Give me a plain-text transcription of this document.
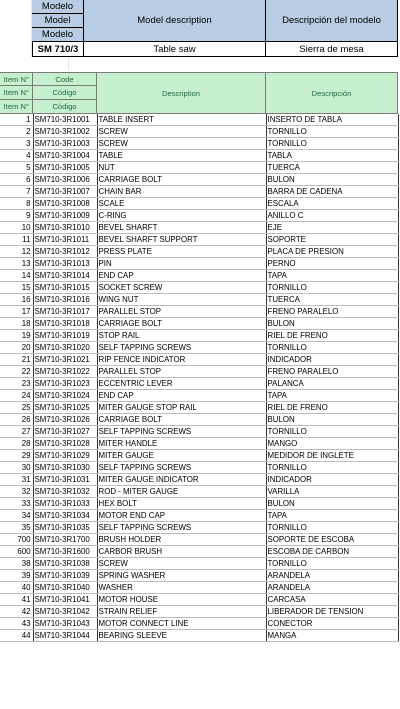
Modelo
Model
Modelo
Model description	Descripción del modelo
SM 710/3	Table saw	Sierra de mesa
Item N°
Item N°
Item N°
Code
Código
Código
Description	Descripción
1	SM710-3R1001	TABLE INSERT	INSERTO DE TABLA
2	SM710-3R1002	SCREW	TORNILLO
3	SM710-3R1003	SCREW	TORNILLO
4	SM710-3R1004	TABLE	TABLA
5	SM710-3R1005	NUT	TUERCA
6	SM710-3R1006	CARRIAGE BOLT	BULON
7	SM710-3R1007	CHAIN BAR	BARRA DE CADENA
8	SM710-3R1008	SCALE	ESCALA
9	SM710-3R1009	C-RING	ANILLO C
10	SM710-3R1010	BEVEL SHARFT	EJE
11	SM710-3R1011	BEVEL SHARFT SUPPORT	SOPORTE
12	SM710-3R1012	PRESS PLATE	PLACA DE PRESION
13	SM710-3R1013	PIN	PERNO
14	SM710-3R1014	END CAP	TAPA
15	SM710-3R1015	SOCKET SCREW	TORNILLO
16	SM710-3R1016	WING NUT	TUERCA
17	SM710-3R1017	PARALLEL STOP	FRENO PARALELO
18	SM710-3R1018	CARRIAGE BOLT	BULON
19	SM710-3R1019	STOP RAIL	RIEL DE FRENO
20	SM710-3R1020	SELF TAPPING SCREWS	TORNILLO
21	SM710-3R1021	RIP FENCE INDICATOR	INDICADOR
22	SM710-3R1022	PARALLEL STOP	FRENO PARALELO
23	SM710-3R1023	ECCENTRIC LEVER	PALANCA
24	SM710-3R1024	END CAP	TAPA
25	SM710-3R1025	MITER GAUGE STOP RAIL	RIEL DE FRENO
26	SM710-3R1026	CARRIAGE BOLT	BULON
27	SM710-3R1027	SELF TAPPING SCREWS	TORNILLO
28	SM710-3R1028	MITER HANDLE	MANGO
29	SM710-3R1029	MITER GAUGE	MEDIDOR DE INGLETE
30	SM710-3R1030	SELF TAPPING SCREWS	TORNILLO
31	SM710-3R1031	MITER GAUGE INDICATOR	INDICADOR
32	SM710-3R1032	ROD - MITER GAUGE	VARILLA
33	SM710-3R1033	HEX BOLT	BULON
34	SM710-3R1034	MOTOR END CAP	TAPA
35	SM710-3R1035	SELF TAPPING SCREWS	TORNILLO
700	SM710-3R1700	BRUSH HOLDER	SOPORTE DE ESCOBA
600	SM710-3R1600	CARBOR BRUSH	ESCOBA DE CARBON
38	SM710-3R1038	SCREW	TORNILLO
39	SM710-3R1039	SPRING WASHER	ARANDELA
40	SM710-3R1040	WASHER	ARANDELA
41	SM710-3R1041	MOTOR HOUSE	CARCASA
42	SM710-3R1042	STRAIN RELIEF	LIBERADOR DE TENSION
43	SM710-3R1043	MOTOR CONNECT LINE	CONECTOR
44	SM710-3R1044	BEARING SLEEVE	MANGA
